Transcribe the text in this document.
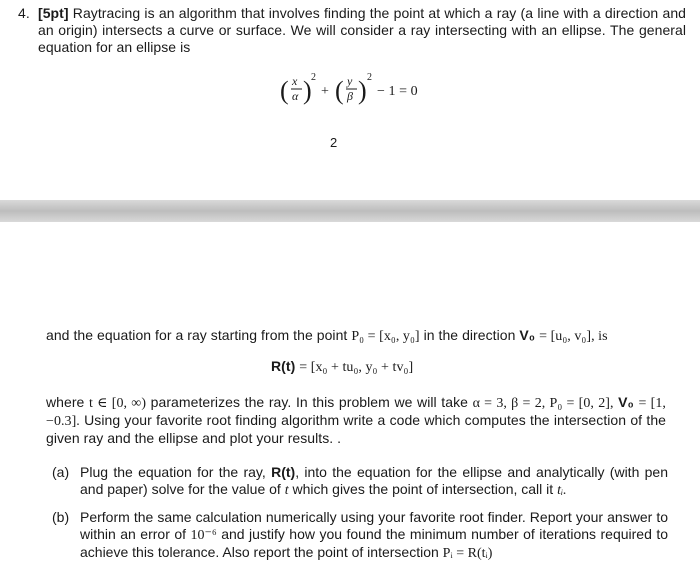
4. [5pt] Raytracing is an algorithm that involves finding the point at which a ray (a line with a direction and an origin) intersects a curve or surface. We will consider a ray intersecting with an ellipse. The general equation for an ellipse is
( x
α ) 2
+ ( y
β ) 2
− 1 = 0
2
and the equation for a ray starting from the point P₀ = [x₀, y₀] in the direction V₀ = [u₀, v₀], is
R(t) = [x₀ + tu₀, y₀ + tv₀]
where t ∈ [0, ∞) parameterizes the ray. In this problem we will take α = 3, β = 2, P₀ = [0, 2], V₀ = [1, −0.3]. Using your favorite root finding algorithm write a code which computes the intersection of the given ray and the ellipse and plot your results. .
(a) Plug the equation for the ray, R(t), into the equation for the ellipse and analytically (with pen and paper) solve for the value of t which gives the point of intersection, call it tᵢ.
(b) Perform the same calculation numerically using your favorite root finder. Report your answer to within an error of 10⁻⁶ and justify how you found the minimum number of iterations required to achieve this tolerance. Also report the point of intersection Pᵢ = R(tᵢ)
